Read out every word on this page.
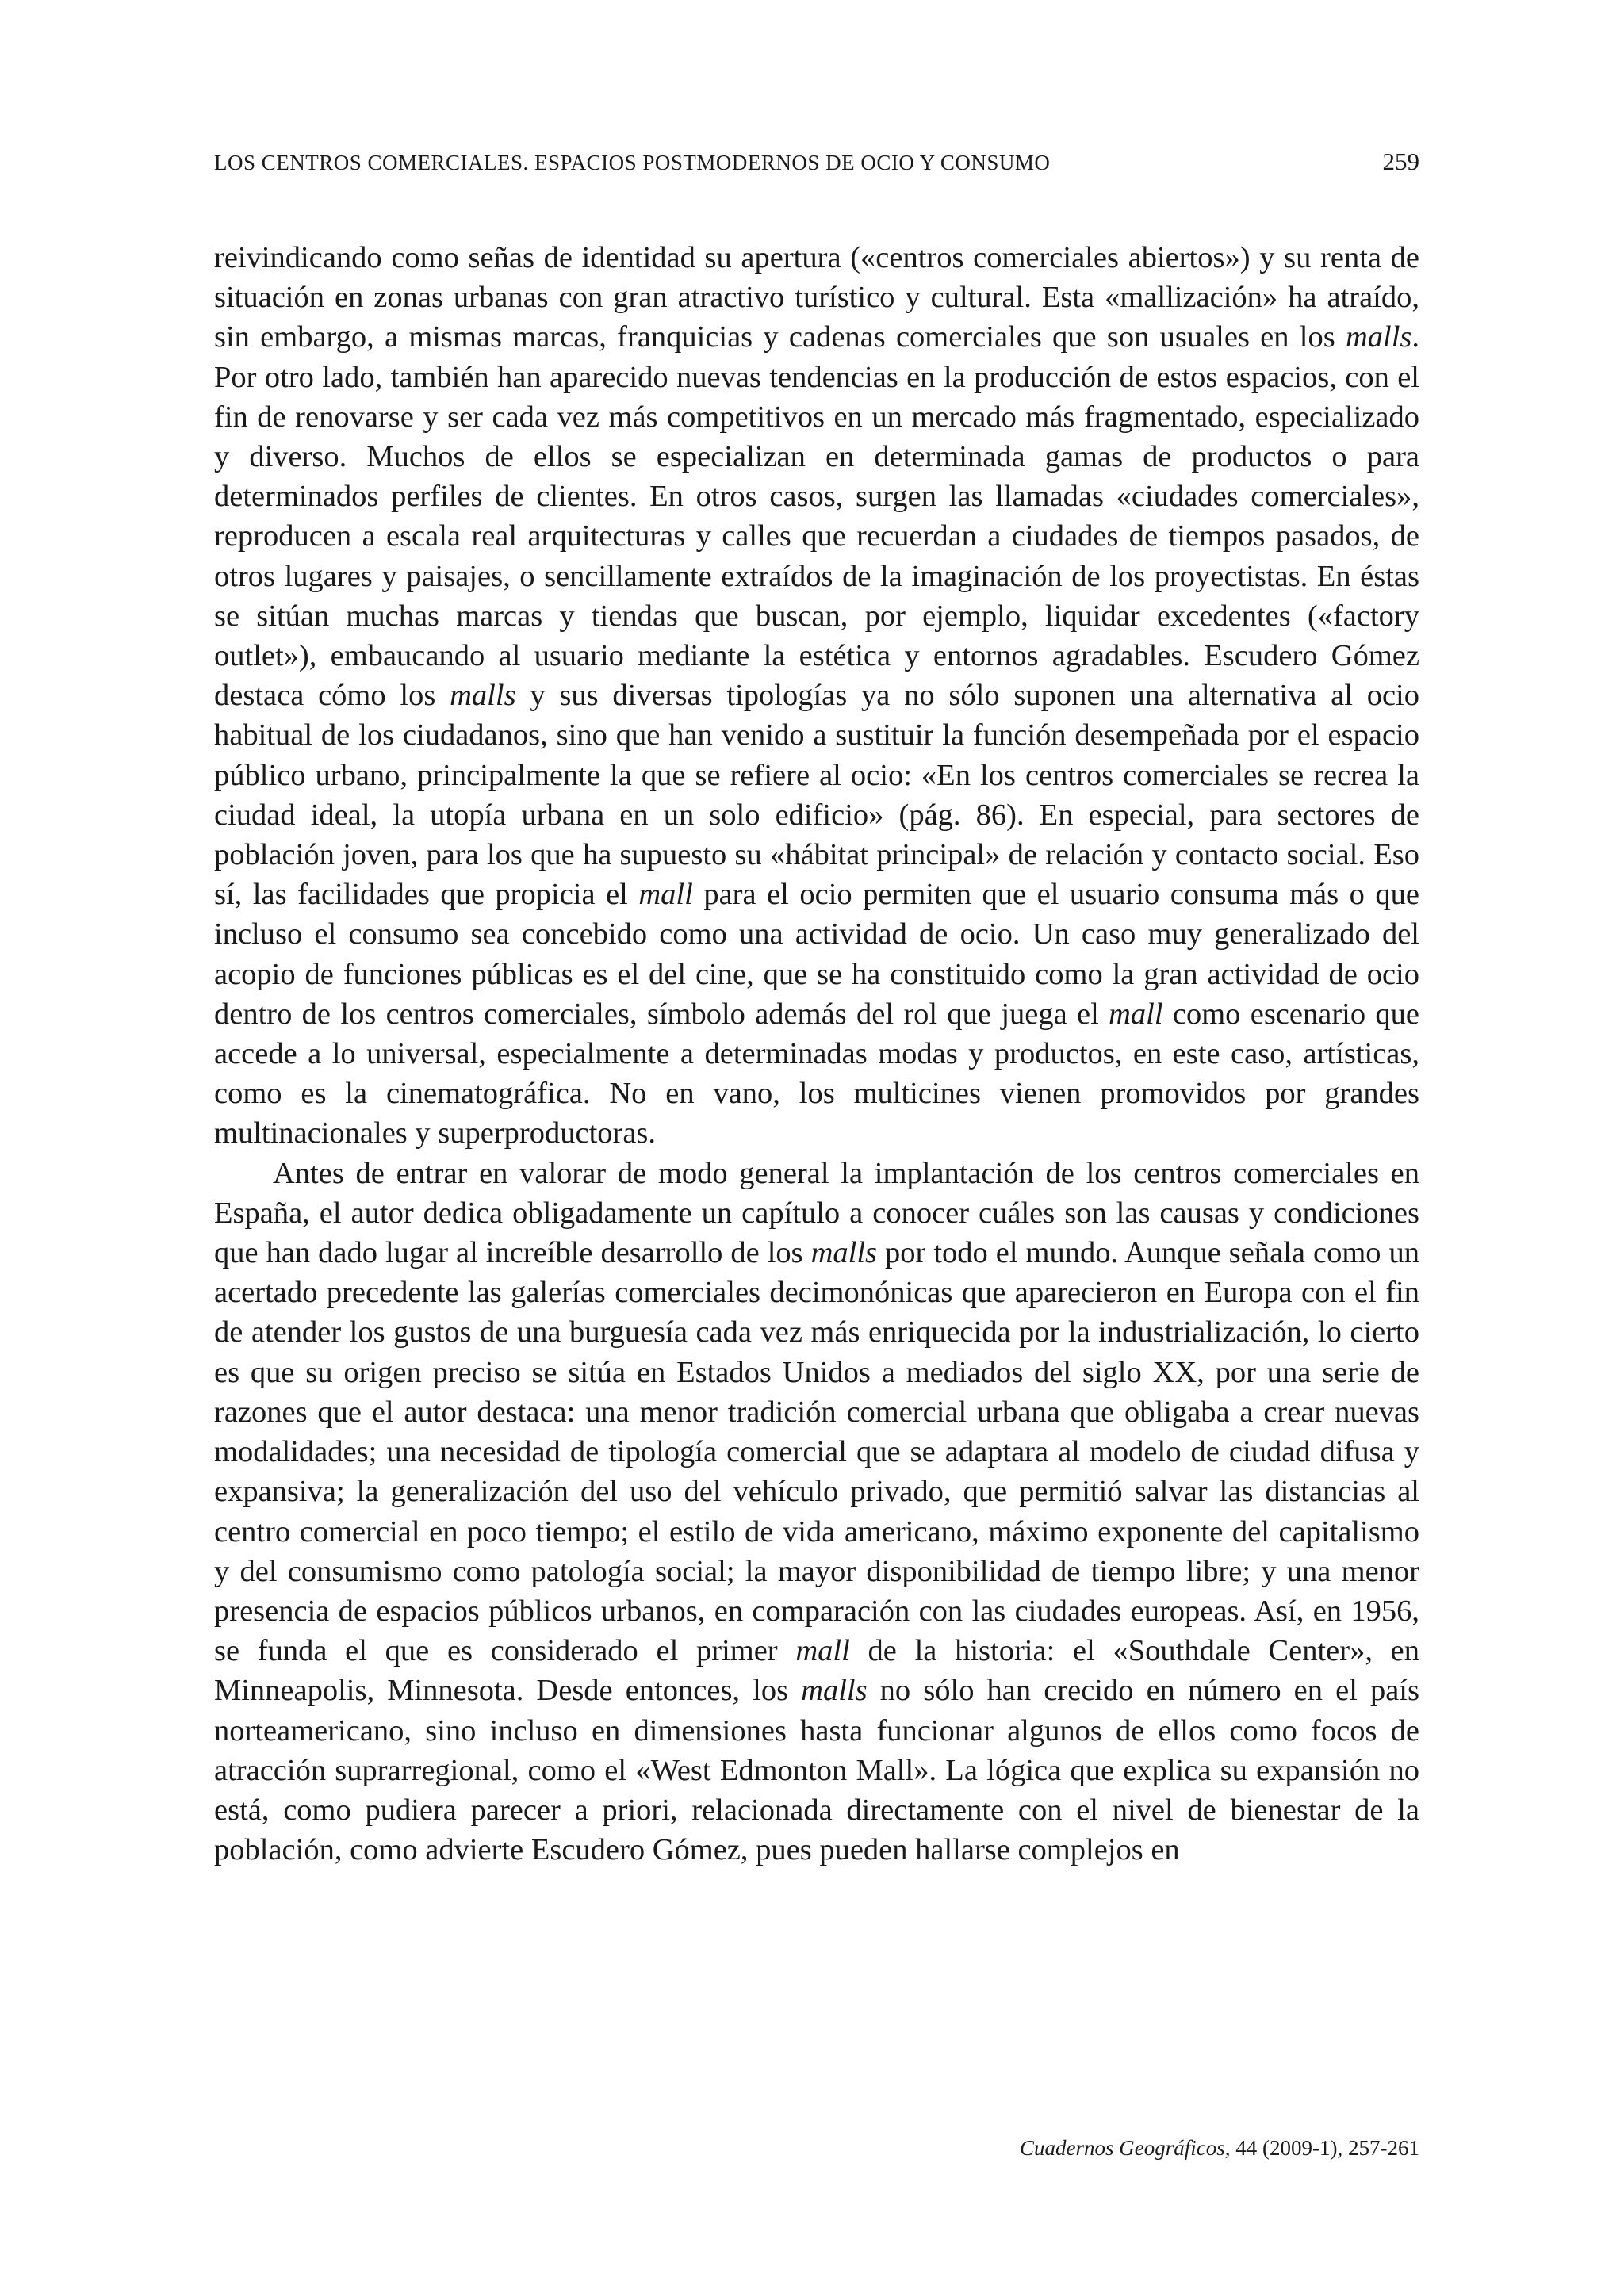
LOS CENTROS COMERCIALES. ESPACIOS POSTMODERNOS DE OCIO Y CONSUMO	259

reivindicando como señas de identidad su apertura («centros comerciales abiertos») y su renta de situación en zonas urbanas con gran atractivo turístico y cultural. Esta «mallización» ha atraído, sin embargo, a mismas marcas, franquicias y cadenas comerciales que son usuales en los malls. Por otro lado, también han aparecido nuevas tendencias en la producción de estos espacios, con el fin de renovarse y ser cada vez más competitivos en un mercado más fragmentado, especializado y diverso. Muchos de ellos se especializan en determinada gamas de productos o para determinados perfiles de clientes. En otros casos, surgen las llamadas «ciudades comerciales», reproducen a escala real arquitecturas y calles que recuerdan a ciudades de tiempos pasados, de otros lugares y paisajes, o sencillamente extraídos de la imaginación de los proyectistas. En éstas se sitúan muchas marcas y tiendas que buscan, por ejemplo, liquidar excedentes («factory outlet»), embaucando al usuario mediante la estética y entornos agradables. Escudero Gómez destaca cómo los malls y sus diversas tipologías ya no sólo suponen una alternativa al ocio habitual de los ciudadanos, sino que han venido a sustituir la función desempeñada por el espacio público urbano, principalmente la que se refiere al ocio: «En los centros comerciales se recrea la ciudad ideal, la utopía urbana en un solo edificio» (pág. 86). En especial, para sectores de población joven, para los que ha supuesto su «hábitat principal» de relación y contacto social. Eso sí, las facilidades que propicia el mall para el ocio permiten que el usuario consuma más o que incluso el consumo sea concebido como una actividad de ocio. Un caso muy generalizado del acopio de funciones públicas es el del cine, que se ha constituido como la gran actividad de ocio dentro de los centros comerciales, símbolo además del rol que juega el mall como escenario que accede a lo universal, especialmente a determinadas modas y productos, en este caso, artísticas, como es la cinematográfica. No en vano, los multicines vienen promovidos por grandes multinacionales y superproductoras.

Antes de entrar en valorar de modo general la implantación de los centros comerciales en España, el autor dedica obligadamente un capítulo a conocer cuáles son las causas y condiciones que han dado lugar al increíble desarrollo de los malls por todo el mundo. Aunque señala como un acertado precedente las galerías comerciales decimonónicas que aparecieron en Europa con el fin de atender los gustos de una burguesía cada vez más enriquecida por la industrialización, lo cierto es que su origen preciso se sitúa en Estados Unidos a mediados del siglo XX, por una serie de razones que el autor destaca: una menor tradición comercial urbana que obligaba a crear nuevas modalidades; una necesidad de tipología comercial que se adaptara al modelo de ciudad difusa y expansiva; la generalización del uso del vehículo privado, que permitió salvar las distancias al centro comercial en poco tiempo; el estilo de vida americano, máximo exponente del capitalismo y del consumismo como patología social; la mayor disponibilidad de tiempo libre; y una menor presencia de espacios públicos urbanos, en comparación con las ciudades europeas. Así, en 1956, se funda el que es considerado el primer mall de la historia: el «Southdale Center», en Minneapolis, Minnesota. Desde entonces, los malls no sólo han crecido en número en el país norteamericano, sino incluso en dimensiones hasta funcionar algunos de ellos como focos de atracción suprarregional, como el «West Edmonton Mall». La lógica que explica su expansión no está, como pudiera parecer a priori, relacionada directamente con el nivel de bienestar de la población, como advierte Escudero Gómez, pues pueden hallarse complejos en

Cuadernos Geográficos, 44 (2009-1), 257-261
